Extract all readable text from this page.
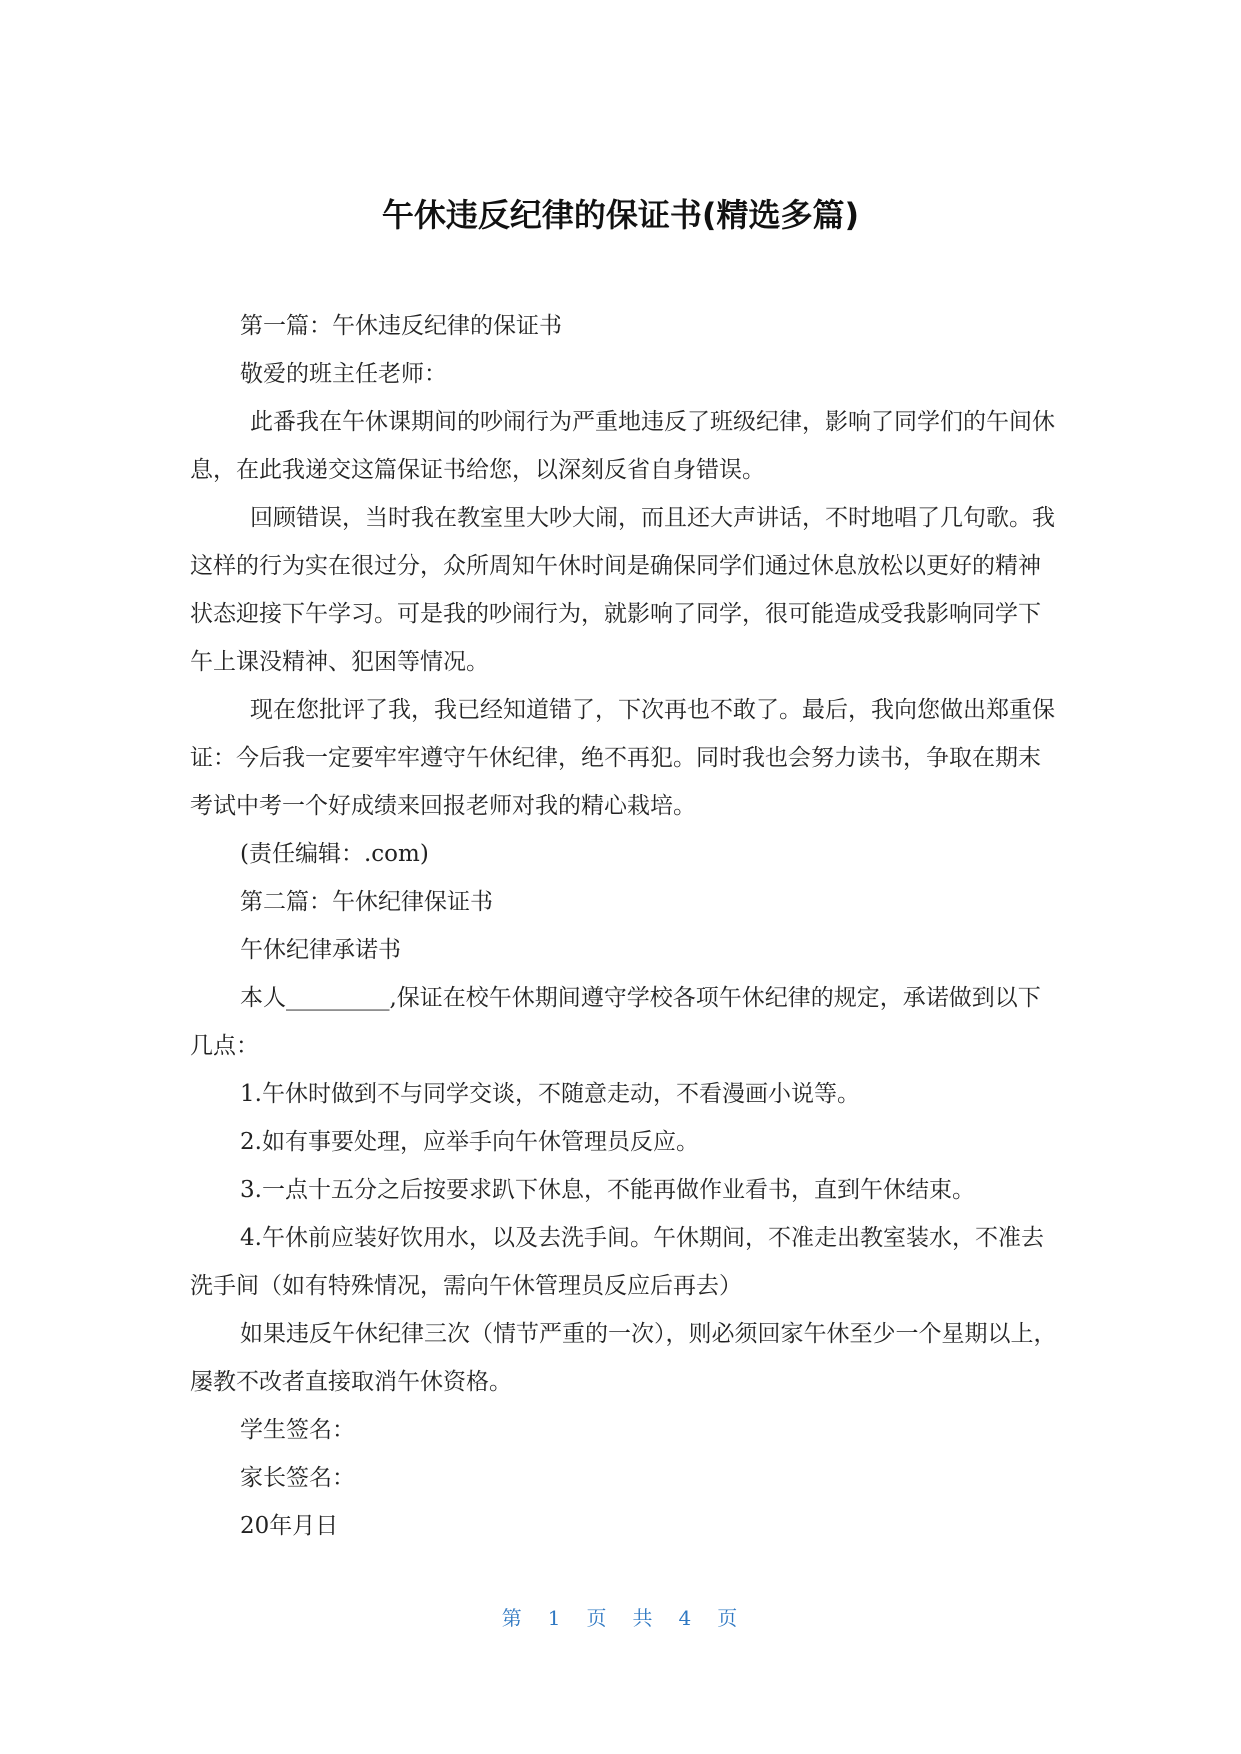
午休违反纪律的保证书(精选多篇)

第一篇：午休违反纪律的保证书

敬爱的班主任老师：

此番我在午休课期间的吵闹行为严重地违反了班级纪律，影响了同学们的午间休息，在此我递交这篇保证书给您，以深刻反省自身错误。

回顾错误，当时我在教室里大吵大闹，而且还大声讲话，不时地唱了几句歌。我这样的行为实在很过分，众所周知午休时间是确保同学们通过休息放松以更好的精神状态迎接下午学习。可是我的吵闹行为，就影响了同学，很可能造成受我影响同学下午上课没精神、犯困等情况。

现在您批评了我，我已经知道错了，下次再也不敢了。最后，我向您做出郑重保证：今后我一定要牢牢遵守午休纪律，绝不再犯。同时我也会努力读书，争取在期末考试中考一个好成绩来回报老师对我的精心栽培。

(责任编辑：.com)

第二篇：午休纪律保证书

午休纪律承诺书

本人_________,保证在校午休期间遵守学校各项午休纪律的规定，承诺做到以下几点：

1.午休时做到不与同学交谈，不随意走动，不看漫画小说等。

2.如有事要处理，应举手向午休管理员反应。

3.一点十五分之后按要求趴下休息，不能再做作业看书，直到午休结束。

4.午休前应装好饮用水，以及去洗手间。午休期间，不准走出教室装水，不准去洗手间（如有特殊情况，需向午休管理员反应后再去）

如果违反午休纪律三次（情节严重的一次），则必须回家午休至少一个星期以上，屡教不改者直接取消午休资格。

学生签名：

家长签名：

20年月日

第 1 页 共 4 页
